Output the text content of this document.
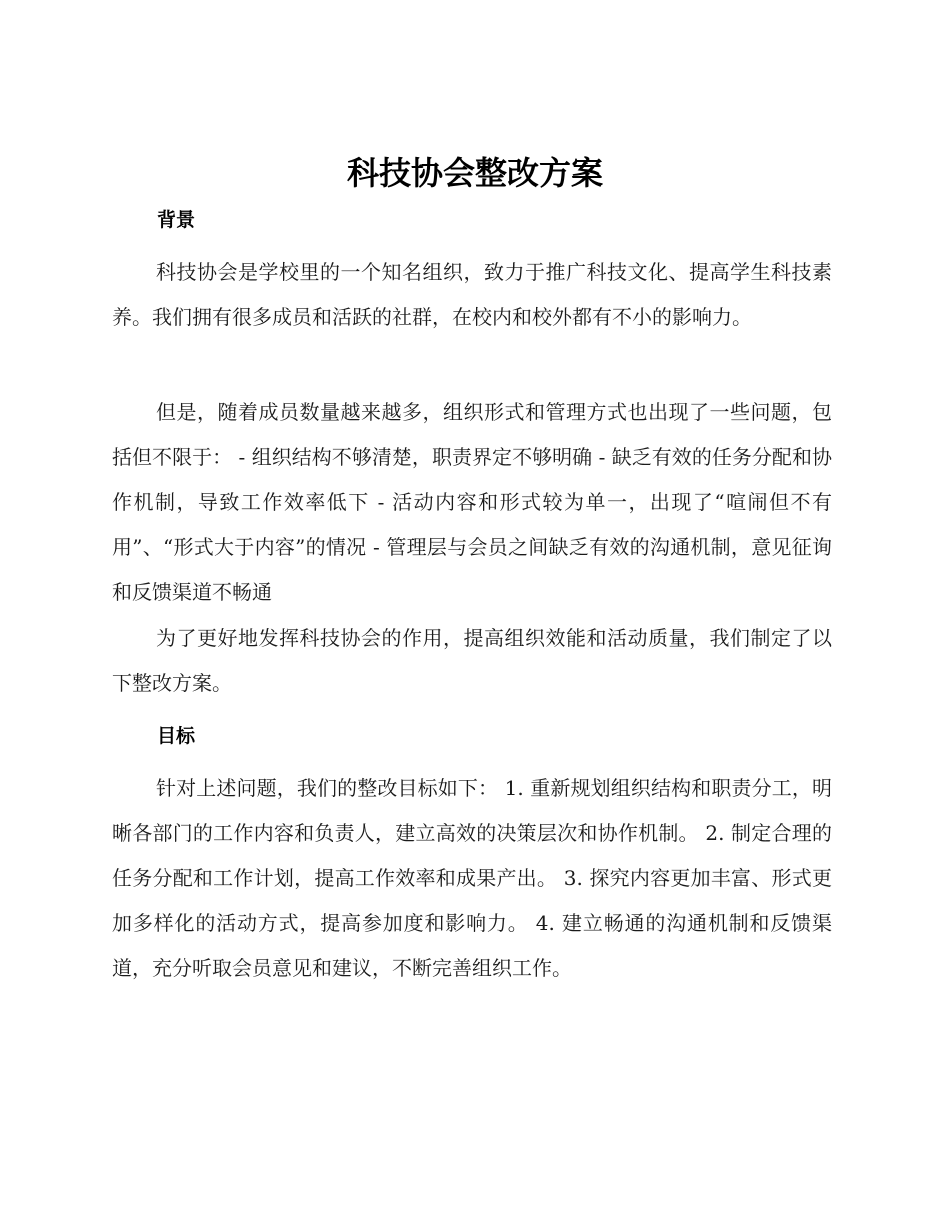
科技协会整改方案
背景

科技协会是学校里的一个知名组织，致力于推广科技文化、提高学生科技素养。我们拥有很多成员和活跃的社群，在校内和校外都有不小的影响力。

但是，随着成员数量越来越多，组织形式和管理方式也出现了一些问题，包括但不限于： - 组织结构不够清楚，职责界定不够明确 - 缺乏有效的任务分配和协作机制，导致工作效率低下 - 活动内容和形式较为单一，出现了“喧闹但不有用”、“形式大于内容”的情况 - 管理层与会员之间缺乏有效的沟通机制，意见征询和反馈渠道不畅通

为了更好地发挥科技协会的作用，提高组织效能和活动质量，我们制定了以下整改方案。

目标

针对上述问题，我们的整改目标如下： 1. 重新规划组织结构和职责分工，明晰各部门的工作内容和负责人，建立高效的决策层次和协作机制。 2. 制定合理的任务分配和工作计划，提高工作效率和成果产出。 3. 探究内容更加丰富、形式更加多样化的活动方式，提高参加度和影响力。 4. 建立畅通的沟通机制和反馈渠道，充分听取会员意见和建议，不断完善组织工作。
